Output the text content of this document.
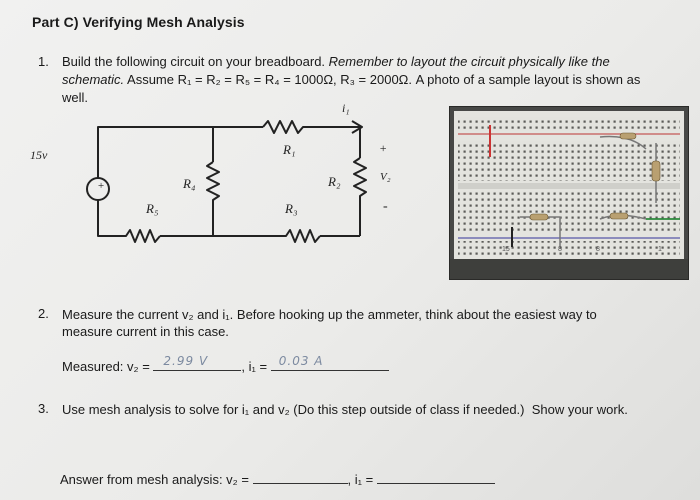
Part C) Verifying Mesh Analysis
1. Build the following circuit on your breadboard. Remember to layout the circuit physically like the
schematic. Assume R₁ = R₂ = R₅ = R₄ = 1000Ω, R₃ = 2000Ω. A photo of a sample layout is shown as
well.
+
15v	R₁
R₂
R₃
R₄
R₅
i₁
+
V₂
-
15	8	8	1
2. Measure the current v₂ and i₁. Before hooking up the ammeter, think about the easiest way to
measure current in this case.
Measured: v₂ = 2.99 V	, i₁ = 0.03 A
3. Use mesh analysis to solve for i₁ and v₂ (Do this step outside of class if needed.) Show your work.
Answer from mesh analysis: v₂ =	, i₁ =
